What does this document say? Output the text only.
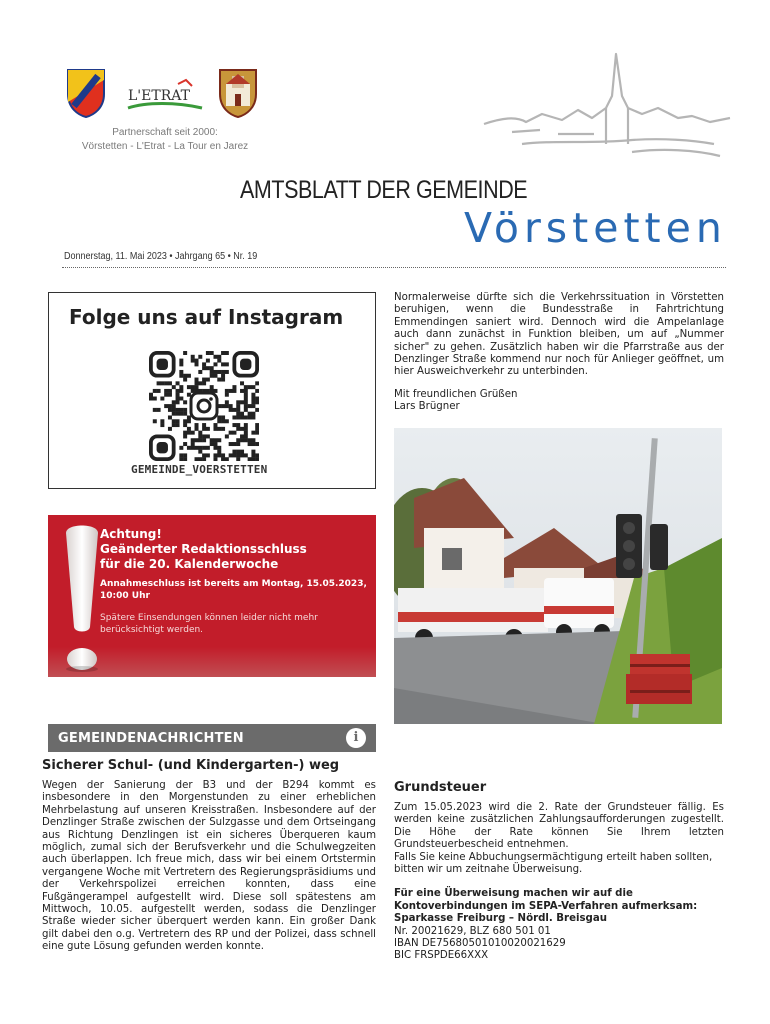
L'ETRAT
Partnerschaft seit 2000:
Vörstetten - L'Etrat - La Tour en Jarez
AMTSBLATT DER GEMEINDE
Vörstetten
Donnerstag, 11. Mai 2023 • Jahrgang 65 • Nr. 19
Folge uns auf Instagram
GEMEINDE_VOERSTETTEN
Achtung!
Geänderter Redaktionsschluss
für die 20. Kalenderwoche
Annahmeschluss ist bereits am Montag, 15.05.2023,
10:00 Uhr
Spätere Einsendungen können leider nicht mehr
berücksichtigt werden.

Normalerweise dürfte sich die Verkehrssituation in Vörstetten beruhigen, wenn die Bundesstraße in Fahrtrichtung Emmendingen saniert wird. Dennoch wird die Ampelanlage auch dann zunächst in Funktion bleiben, um auf „Nummer sicher" zu gehen. Zusätzlich haben wir die Pfarrstraße aus der Denzlinger Straße kommend nur noch für Anlieger geöffnet, um hier Ausweichverkehr zu unterbinden.

Mit freundlichen Grüßen

Lars Brügner

GEMEINDENACHRICHTEN	i
Sicherer Schul- (und Kindergarten-) weg

Wegen der Sanierung der B3 und der B294 kommt es insbesondere in den Morgenstunden zu einer erheblichen Mehrbelastung auf unseren Kreisstraßen. Insbesondere auf der Denzlinger Straße zwischen der Sulzgasse und dem Ortseingang aus Richtung Denzlingen ist ein sicheres Überqueren kaum möglich, zumal sich der Berufsverkehr und die Schulwegzeiten auch überlappen. Ich freue mich, dass wir bei einem Ortstermin vergangene Woche mit Vertretern des Regierungspräsidiums und der Verkehrspolizei erreichen konnten, dass eine Fußgängerampel aufgestellt wird. Diese soll spätestens am Mittwoch, 10.05. aufgestellt werden, sodass die Denzlinger Straße wieder sicher überquert werden kann. Ein großer Dank gilt dabei den o.g. Vertretern des RP und der Polizei, dass schnell eine gute Lösung gefunden werden konnte.

Grundsteuer

Zum 15.05.2023 wird die 2. Rate der Grundsteuer fällig. Es werden keine zusätzlichen Zahlungsaufforderungen zugestellt. Die Höhe der Rate können Sie Ihrem letzten Grundsteuerbescheid entnehmen.

Falls Sie keine Abbuchungsermächtigung erteilt haben sollten, bitten wir um zeitnahe Überweisung.

Für eine Überweisung machen wir auf die Kontoverbindungen im SEPA-Verfahren aufmerksam:

Sparkasse Freiburg – Nördl. Breisgau

Nr. 20021629, BLZ 680 501 01

IBAN DE75680501010020021629

BIC FRSPDE66XXX
